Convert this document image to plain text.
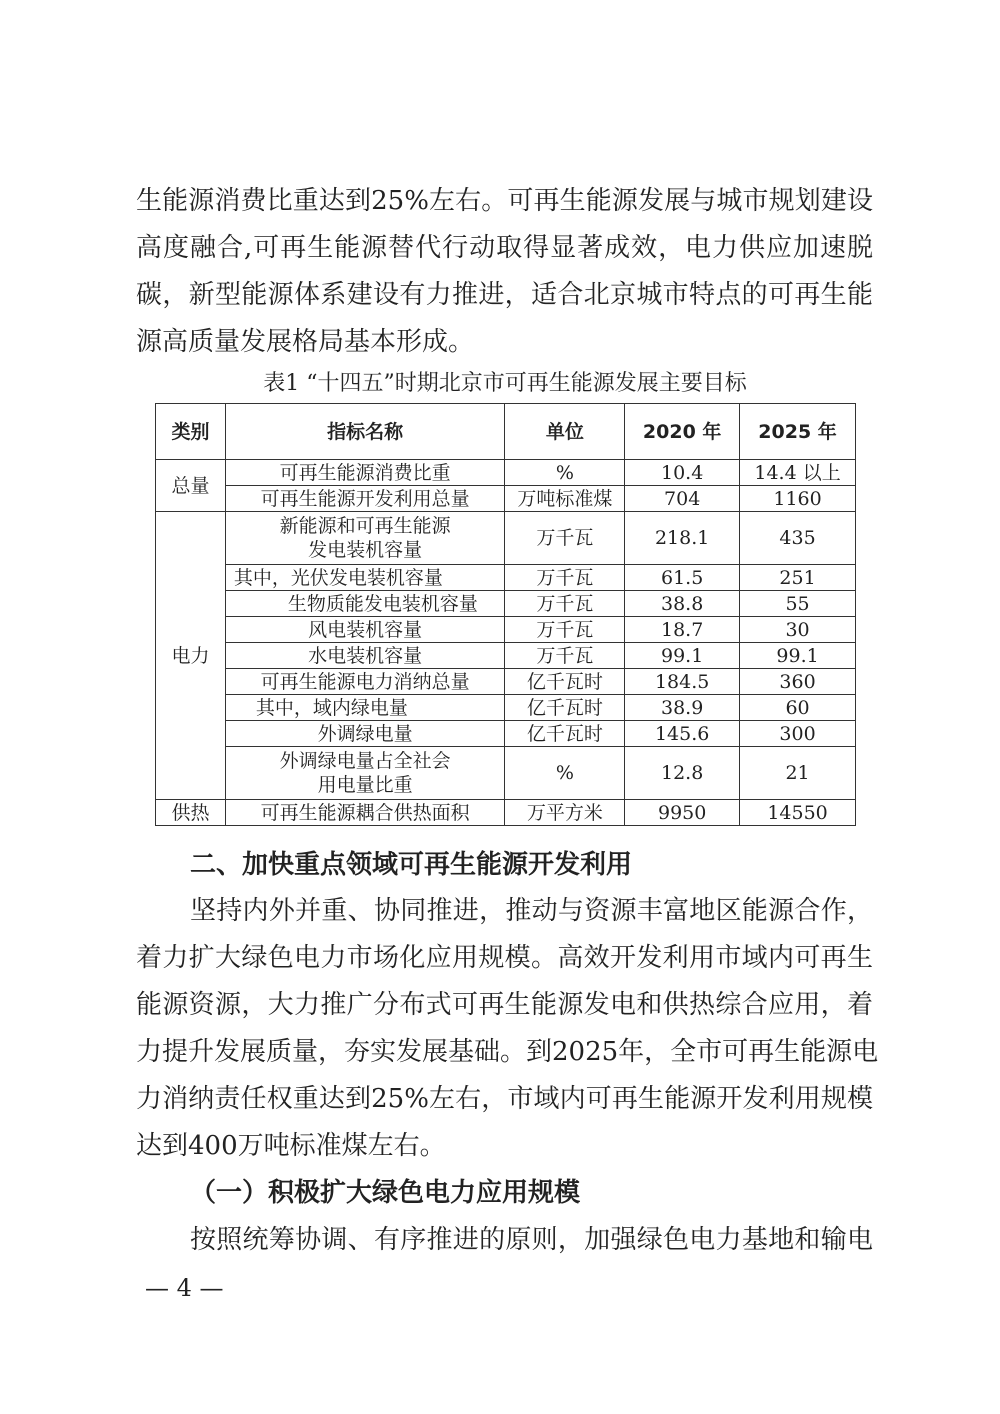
生能源消费比重达到25%左右。可再生能源发展与城市规划建设
高度融合,可再生能源替代行动取得显著成效，电力供应加速脱
碳，新型能源体系建设有力推进，适合北京城市特点的可再生能
源高质量发展格局基本形成。
表1 “十四五”时期北京市可再生能源发展主要目标
类别	指标名称	单位	2020 年	2025 年
总量	可再生能源消费比重	%	10.4	14.4 以上
	可再生能源开发利用总量	万吨标准煤	704	1160
电力	新能源和可再生能源
发电装机容量	万千瓦	218.1	435
	其中，光伏发电装机容量	万千瓦	61.5	251
	生物质能发电装机容量	万千瓦	38.8	55
	风电装机容量	万千瓦	18.7	30
	水电装机容量	万千瓦	99.1	99.1
	可再生能源电力消纳总量	亿千瓦时	184.5	360
	其中，域内绿电量	亿千瓦时	38.9	60
	外调绿电量	亿千瓦时	145.6	300

	外调绿电量占全社会
用电量比重	%	12.8	21
供热	可再生能源耦合供热面积	万平方米	9950	14550
二、加快重点领域可再生能源开发利用
坚持内外并重、协同推进，推动与资源丰富地区能源合作，
着力扩大绿色电力市场化应用规模。高效开发利用市域内可再生
能源资源，大力推广分布式可再生能源发电和供热综合应用，着
力提升发展质量，夯实发展基础。到2025年，全市可再生能源电
力消纳责任权重达到25%左右，市域内可再生能源开发利用规模
达到400万吨标准煤左右。
（一）积极扩大绿色电力应用规模
按照统筹协调、有序推进的原则，加强绿色电力基地和输电
— 4 —
